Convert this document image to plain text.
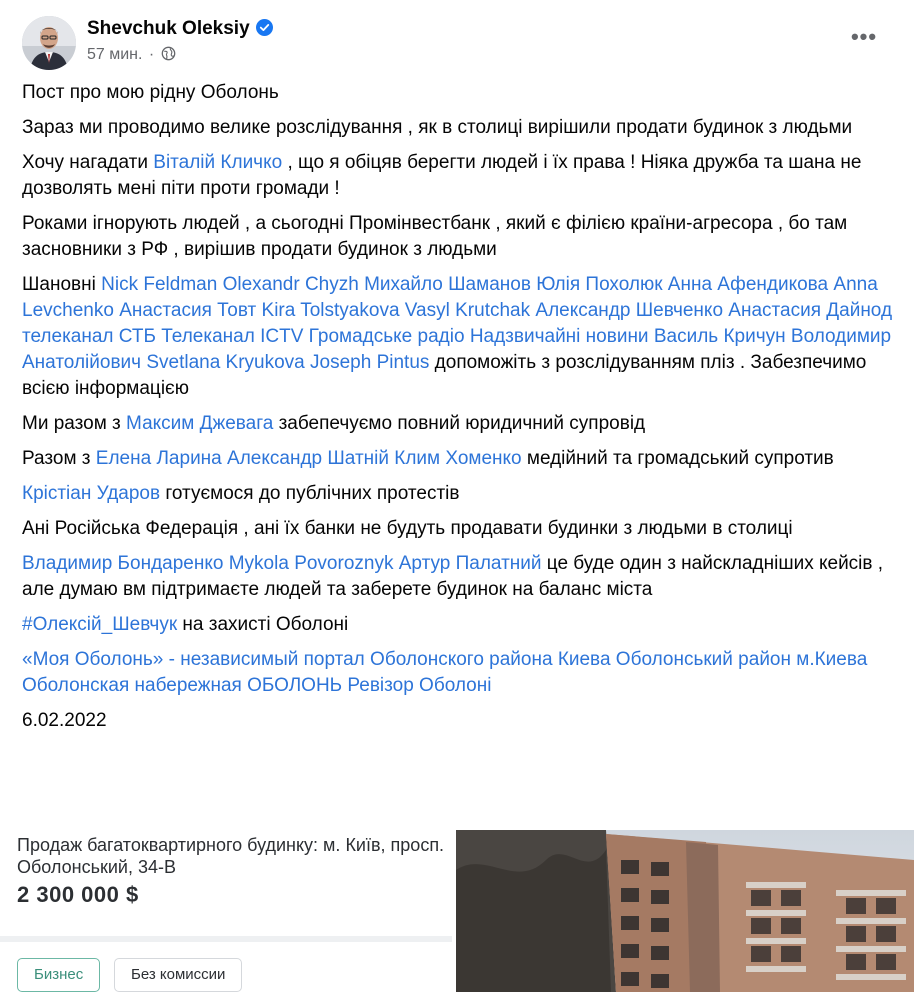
Shevchuk Oleksiy
57 мин. ·
•••

Пост про мою рідну Оболонь

Зараз ми проводимо велике розслідування , як в столиці вирішили продати будинок з людьми

Хочу нагадати Віталій Кличко , що я обіцяв берегти людей і їх права ! Ніяка дружба та шана не дозволять мені піти проти громади !

Роками ігнорують людей , а сьогодні Промінвестбанк , який є філією країни-агресора , бо там засновники з РФ , вирішив продати будинок з людьми

Шановні Nick Feldman Olexandr Chyzh Михайло Шаманов Юлія Похолюк Анна Афендикова Anna Levchenko Анастасия Товт Kira Tolstyakova Vasyl Krutchak Александр Шевченко Анастасия Дайнод телеканал СТБ Телеканал ICTV Громадське радіо Надзвичайні новини Василь Кричун Володимир Анатолійович Svetlana Kryukova Joseph Pintus допоможіть з розслідуванням пліз . Забезпечимо всією інформацією

Ми разом з Максим Джевага забепечуємо повний юридичний супровід

Разом з Елена Ларина Александр Шатній Клим Хоменко медійний та громадський супротив

Крістіан Ударов готуємося до публічних протестів

Ані Російська Федерація , ані їх банки не будуть продавати будинки з людьми в столиці

Владимир Бондаренко Mykola Povoroznyk Артур Палатний це буде один з найскладніших кейсів , але думаю вм підтримаєте людей та заберете будинок на баланс міста

#Олексій_Шевчук на захисті Оболоні

«Моя Оболонь» - независимый портал Оболонского района Киева Оболонський район м.Киева Оболонская набережная ОБОЛОНЬ Ревізор Оболоні

6.02.2022

Продаж багатоквартирного будинку: м. Київ, просп. Оболонський, 34-В
2 300 000 $
Бизнес	Без комиссии
